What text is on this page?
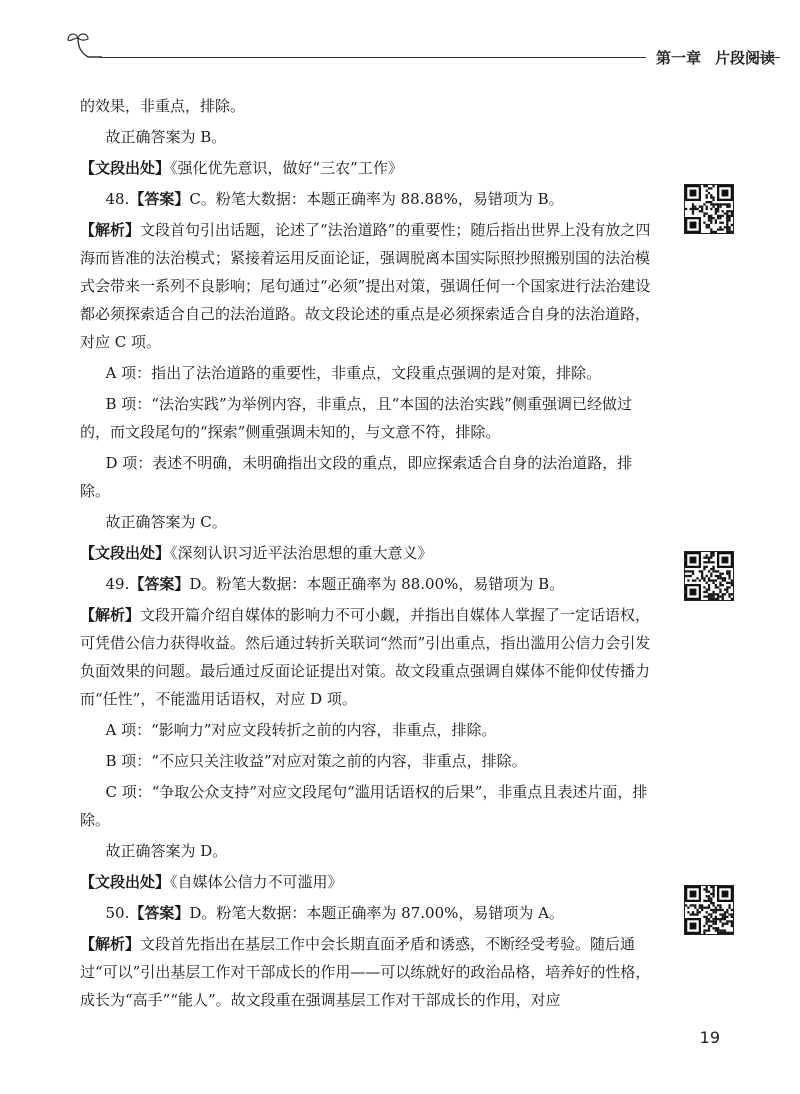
第一章 片段阅读

的效果，非重点，排除。

故正确答案为 B。

【文段出处】《强化优先意识，做好“三农”工作》

48.【答案】C。粉笔大数据：本题正确率为 88.88%，易错项为 B。

【解析】文段首句引出话题，论述了“法治道路”的重要性；随后指出世界上没有放之四海而皆准的法治模式；紧接着运用反面论证，强调脱离本国实际照抄照搬别国的法治模式会带来一系列不良影响；尾句通过“必须”提出对策，强调任何一个国家进行法治建设都必须探索适合自己的法治道路。故文段论述的重点是必须探索适合自身的法治道路，对应 C 项。

A 项：指出了法治道路的重要性，非重点，文段重点强调的是对策，排除。

B 项：“法治实践”为举例内容，非重点，且“本国的法治实践”侧重强调已经做过的，而文段尾句的“探索”侧重强调未知的，与文意不符，排除。

D 项：表述不明确，未明确指出文段的重点，即应探索适合自身的法治道路，排除。

故正确答案为 C。

【文段出处】《深刻认识习近平法治思想的重大意义》

49.【答案】D。粉笔大数据：本题正确率为 88.00%，易错项为 B。

【解析】文段开篇介绍自媒体的影响力不可小觑，并指出自媒体人掌握了一定话语权，可凭借公信力获得收益。然后通过转折关联词“然而”引出重点，指出滥用公信力会引发负面效果的问题。最后通过反面论证提出对策。故文段重点强调自媒体不能仰仗传播力而“任性”，不能滥用话语权，对应 D 项。

A 项：“影响力”对应文段转折之前的内容，非重点，排除。

B 项：“不应只关注收益”对应对策之前的内容，非重点，排除。

C 项：“争取公众支持”对应文段尾句“滥用话语权的后果”，非重点且表述片面，排除。

故正确答案为 D。

【文段出处】《自媒体公信力不可滥用》

50.【答案】D。粉笔大数据：本题正确率为 87.00%，易错项为 A。

【解析】文段首先指出在基层工作中会长期直面矛盾和诱惑，不断经受考验。随后通过“可以”引出基层工作对干部成长的作用——可以练就好的政治品格，培养好的性格，成长为“高手”“能人”。故文段重在强调基层工作对干部成长的作用，对应

19
